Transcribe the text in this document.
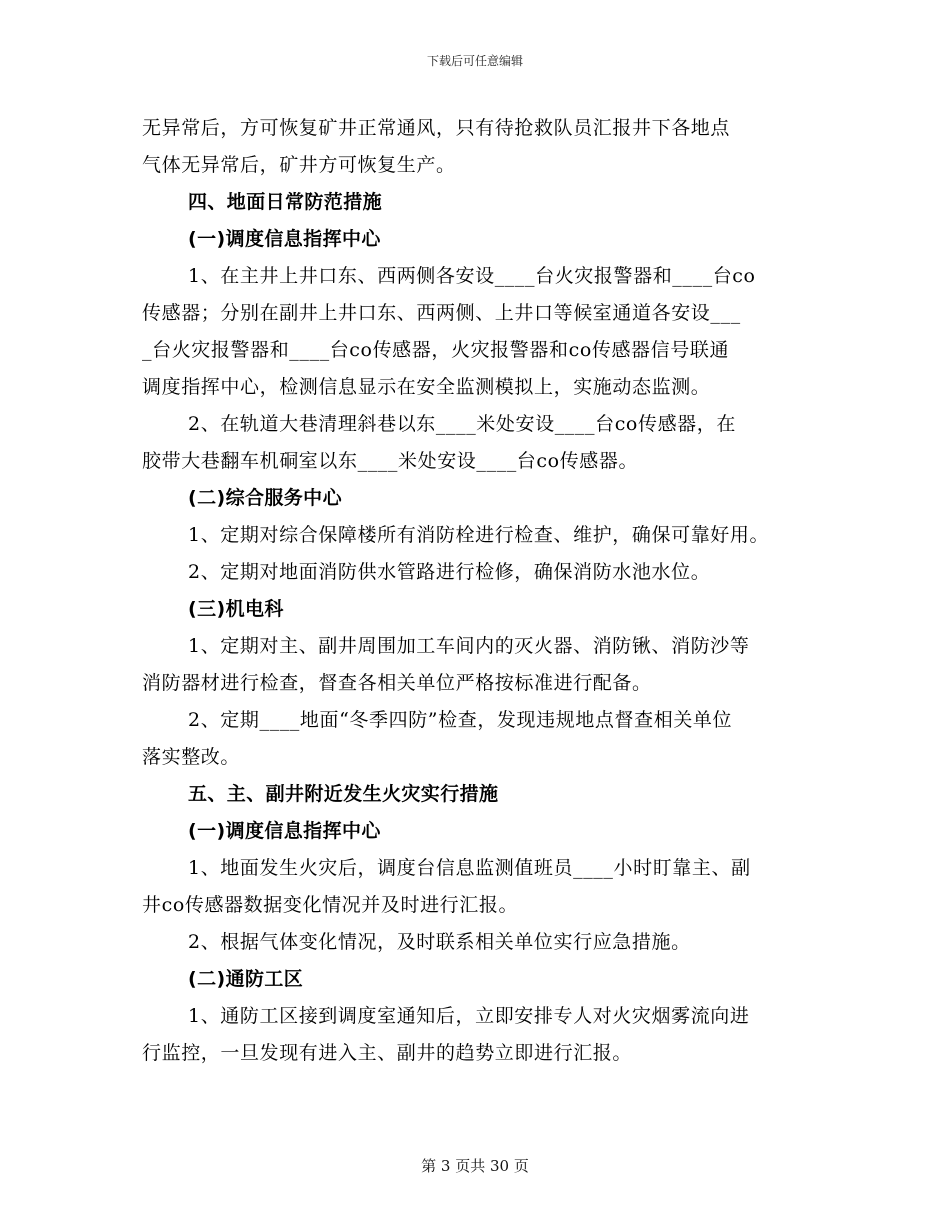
下载后可任意编辑
无异常后，方可恢复矿井正常通风，只有待抢救队员汇报井下各地点
气体无异常后，矿井方可恢复生产。
四、地面日常防范措施
(一)调度信息指挥中心
1、在主井上井口东、西两侧各安设____台火灾报警器和____台co
传感器；分别在副井上井口东、西两侧、上井口等候室通道各安设___
_台火灾报警器和____台co传感器，火灾报警器和co传感器信号联通
调度指挥中心，检测信息显示在安全监测模拟上，实施动态监测。
2、在轨道大巷清理斜巷以东____米处安设____台co传感器，在
胶带大巷翻车机硐室以东____米处安设____台co传感器。
(二)综合服务中心
1、定期对综合保障楼所有消防栓进行检查、维护，确保可靠好用。
2、定期对地面消防供水管路进行检修，确保消防水池水位。
(三)机电科
1、定期对主、副井周围加工车间内的灭火器、消防锹、消防沙等
消防器材进行检查，督查各相关单位严格按标准进行配备。
2、定期____地面“冬季四防”检查，发现违规地点督查相关单位
落实整改。
五、主、副井附近发生火灾实行措施
(一)调度信息指挥中心
1、地面发生火灾后，调度台信息监测值班员____小时盯靠主、副
井co传感器数据变化情况并及时进行汇报。
2、根据气体变化情况，及时联系相关单位实行应急措施。
(二)通防工区
1、通防工区接到调度室通知后，立即安排专人对火灾烟雾流向进
行监控，一旦发现有进入主、副井的趋势立即进行汇报。
第 3 页共 30 页
